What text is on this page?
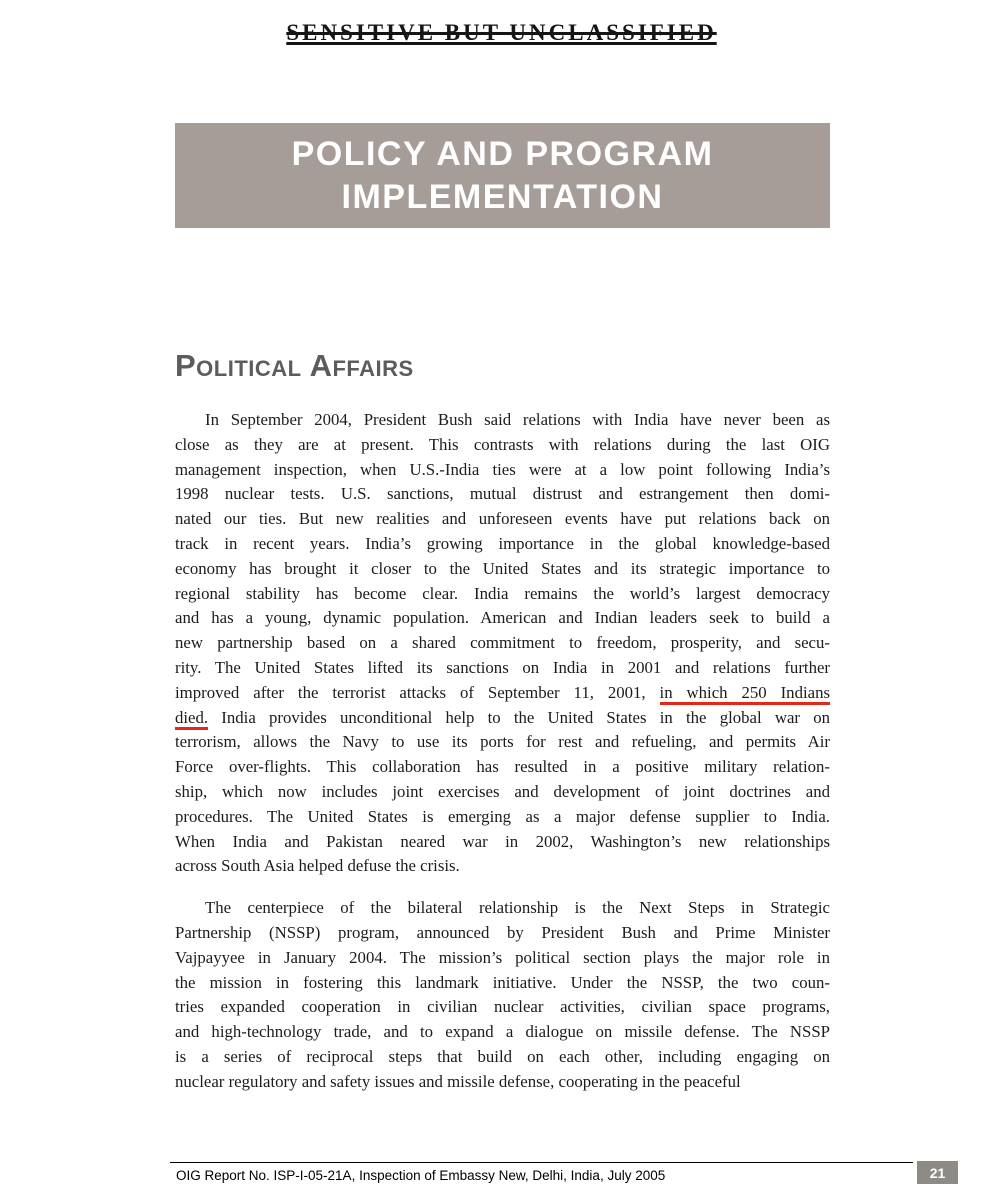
SENSITIVE BUT UNCLASSIFIED
POLICY AND PROGRAM
IMPLEMENTATION
Political Affairs
In September 2004, President Bush said relations with India have never been as
close as they are at present. This contrasts with relations during the last OIG
management inspection, when U.S.-India ties were at a low point following India’s
1998 nuclear tests. U.S. sanctions, mutual distrust and estrangement then domi-
nated our ties. But new realities and unforeseen events have put relations back on
track in recent years. India’s growing importance in the global knowledge-based
economy has brought it closer to the United States and its strategic importance to
regional stability has become clear. India remains the world’s largest democracy
and has a young, dynamic population. American and Indian leaders seek to build a
new partnership based on a shared commitment to freedom, prosperity, and secu-
rity. The United States lifted its sanctions on India in 2001 and relations further
improved after the terrorist attacks of September 11, 2001, in which 250 Indians
died. India provides unconditional help to the United States in the global war on
terrorism, allows the Navy to use its ports for rest and refueling, and permits Air
Force over-flights. This collaboration has resulted in a positive military relation-
ship, which now includes joint exercises and development of joint doctrines and
procedures. The United States is emerging as a major defense supplier to India.
When India and Pakistan neared war in 2002, Washington’s new relationships
across South Asia helped defuse the crisis.
The centerpiece of the bilateral relationship is the Next Steps in Strategic
Partnership (NSSP) program, announced by President Bush and Prime Minister
Vajpayyee in January 2004. The mission’s political section plays the major role in
the mission in fostering this landmark initiative. Under the NSSP, the two coun-
tries expanded cooperation in civilian nuclear activities, civilian space programs,
and high-technology trade, and to expand a dialogue on missile defense. The NSSP
is a series of reciprocal steps that build on each other, including engaging on
nuclear regulatory and safety issues and missile defense, cooperating in the peaceful
OIG Report No. ISP-I-05-21A, Inspection of Embassy New, Delhi, India, July 2005	21
